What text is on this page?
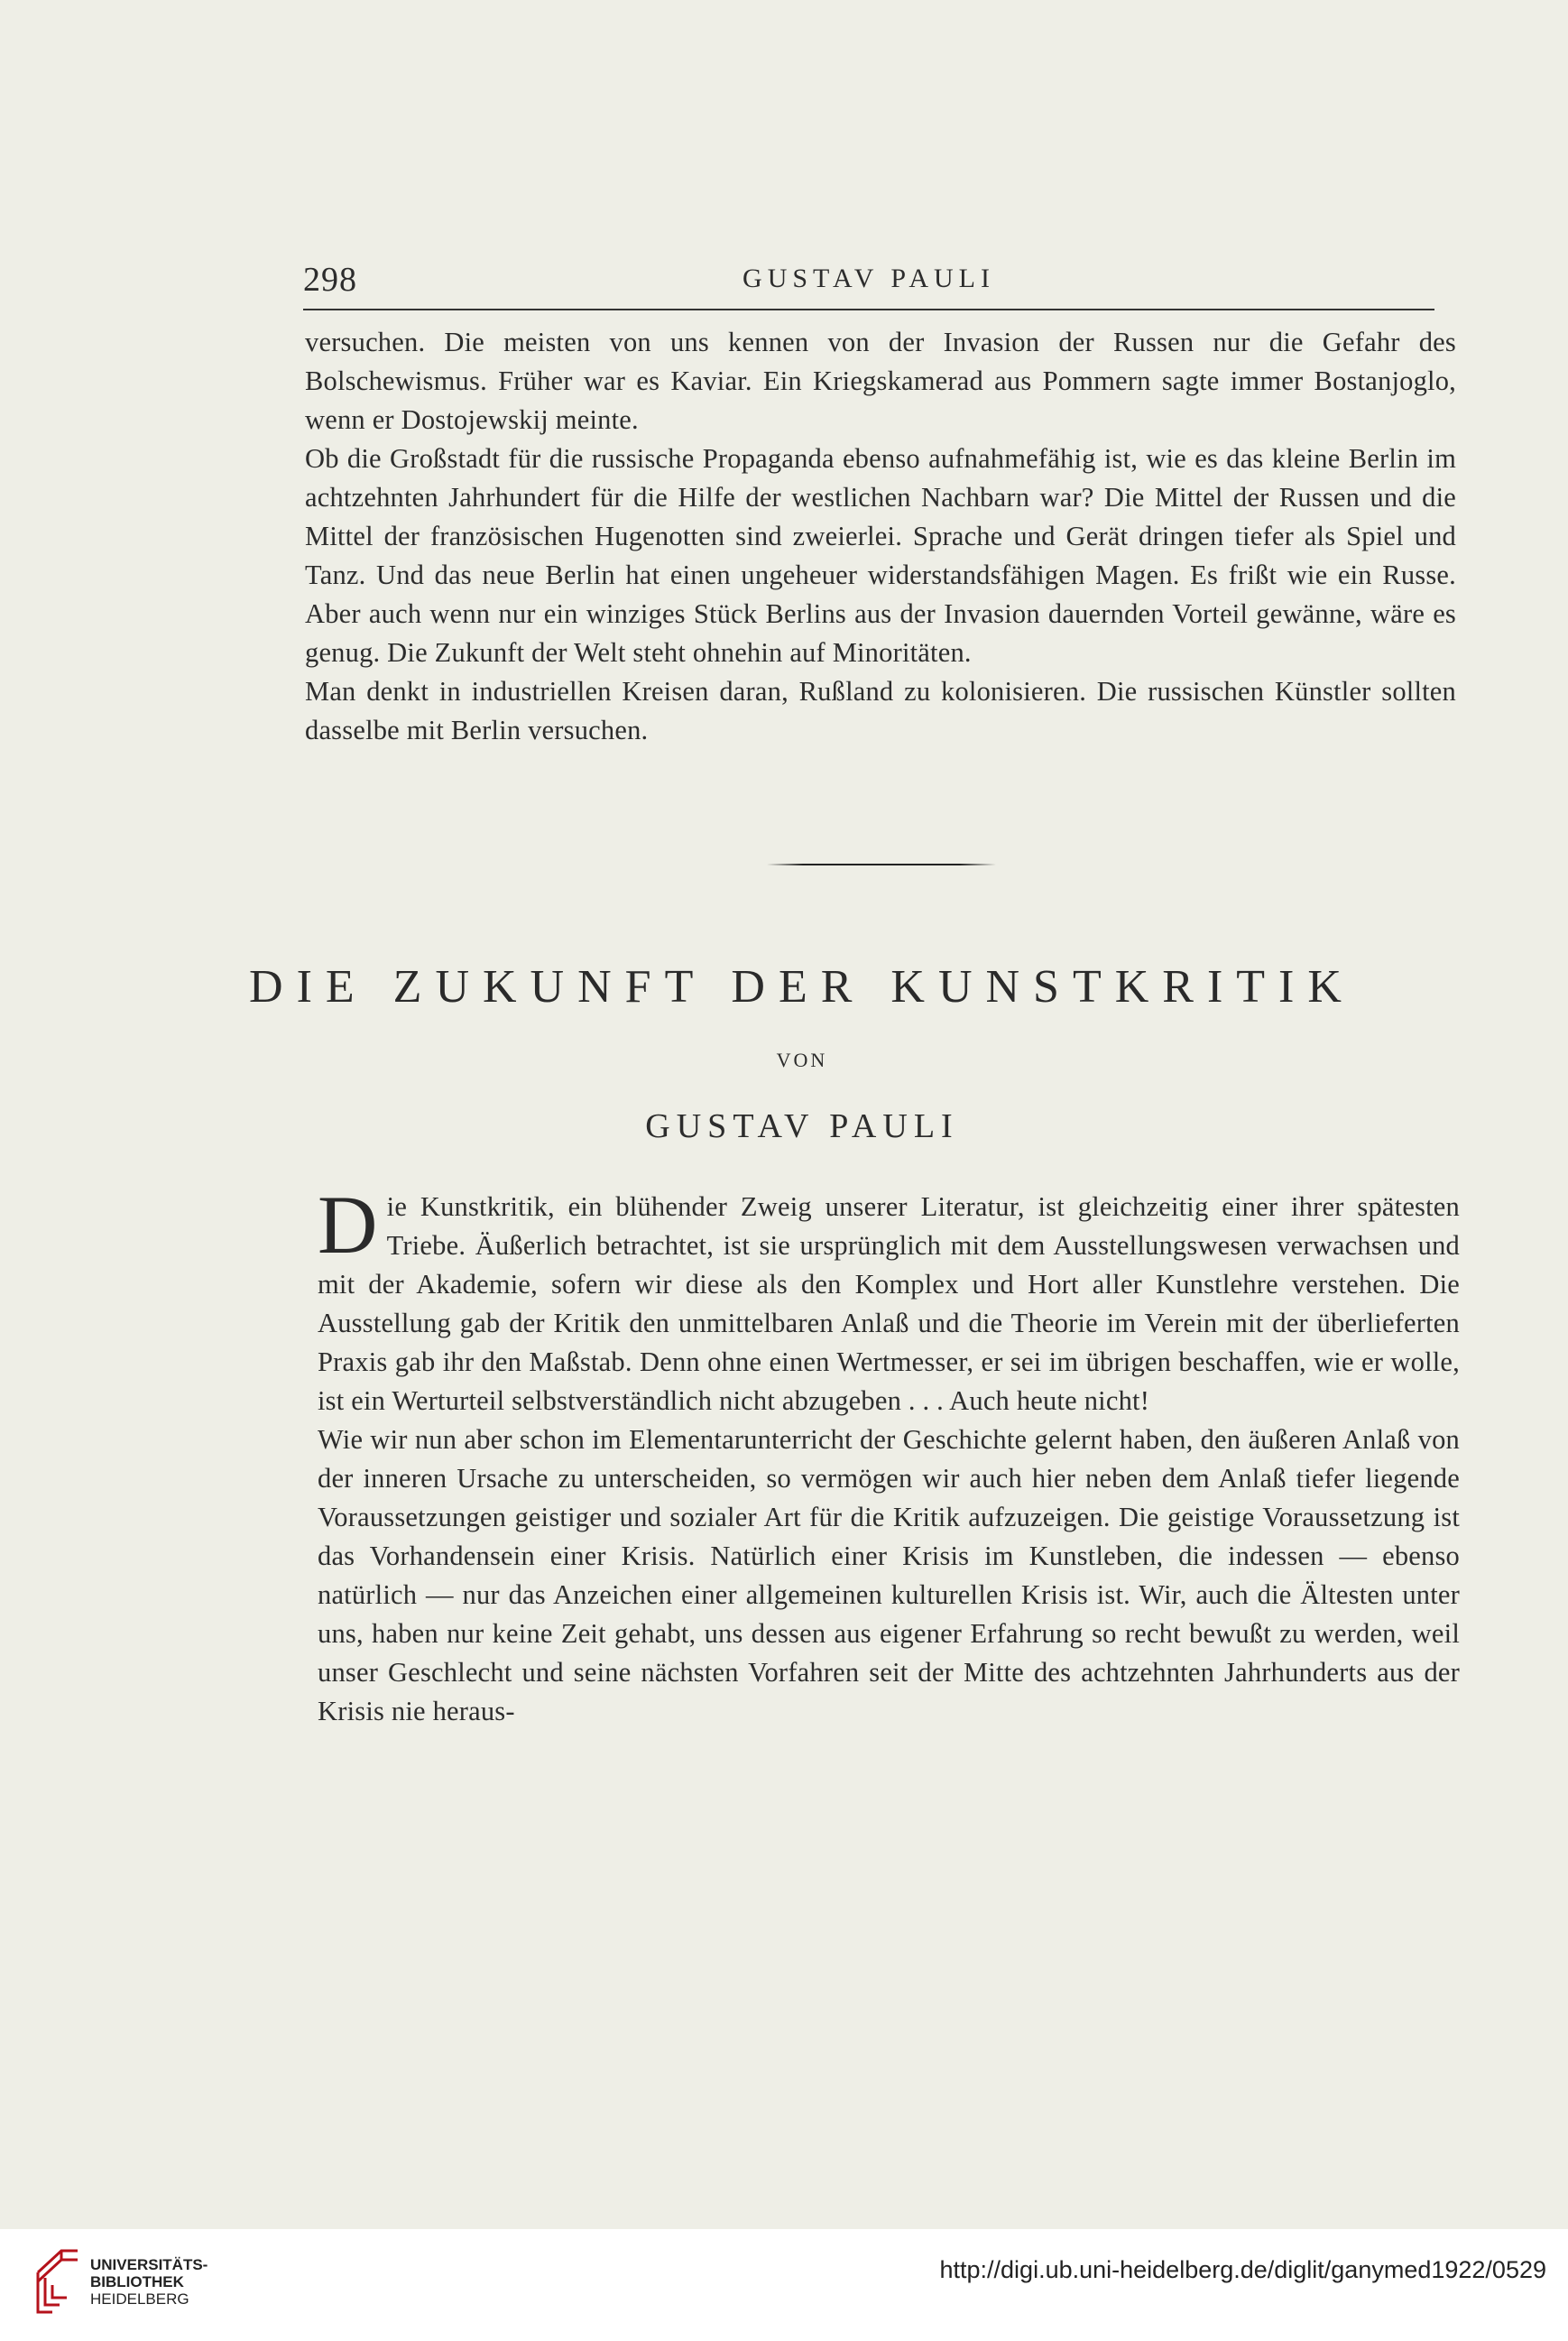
298	GUSTAV PAULI

versuchen. Die meisten von uns kennen von der Invasion der Russen nur die Gefahr des Bolschewismus. Früher war es Kaviar. Ein Kriegskamerad aus Pommern sagte immer Bostanjoglo, wenn er Dostojewskij meinte.

Ob die Großstadt für die russische Propaganda ebenso aufnahmefähig ist, wie es das kleine Berlin im achtzehnten Jahrhundert für die Hilfe der westlichen Nachbarn war? Die Mittel der Russen und die Mittel der französischen Hugenotten sind zweierlei. Sprache und Gerät dringen tiefer als Spiel und Tanz. Und das neue Berlin hat einen ungeheuer widerstandsfähigen Magen. Es frißt wie ein Russe. Aber auch wenn nur ein winziges Stück Berlins aus der Invasion dauernden Vorteil gewänne, wäre es genug. Die Zukunft der Welt steht ohnehin auf Minoritäten.

Man denkt in industriellen Kreisen daran, Rußland zu kolonisieren. Die russischen Künstler sollten dasselbe mit Berlin versuchen.

DIE ZUKUNFT DER KUNSTKRITIK
VON
GUSTAV PAULI

Die Kunstkritik, ein blühender Zweig unserer Literatur, ist gleichzeitig einer ihrer spätesten Triebe. Äußerlich betrachtet, ist sie ursprünglich mit dem Ausstellungswesen verwachsen und mit der Akademie, sofern wir diese als den Komplex und Hort aller Kunstlehre verstehen. Die Ausstellung gab der Kritik den unmittelbaren Anlaß und die Theorie im Verein mit der überlieferten Praxis gab ihr den Maßstab. Denn ohne einen Wertmesser, er sei im übrigen beschaffen, wie er wolle, ist ein Werturteil selbstverständlich nicht abzugeben . . . Auch heute nicht!

Wie wir nun aber schon im Elementarunterricht der Geschichte gelernt haben, den äußeren Anlaß von der inneren Ursache zu unterscheiden, so vermögen wir auch hier neben dem Anlaß tiefer liegende Voraussetzungen geistiger und sozialer Art für die Kritik aufzuzeigen. Die geistige Voraussetzung ist das Vorhandensein einer Krisis. Natürlich einer Krisis im Kunstleben, die indessen — ebenso natürlich — nur das Anzeichen einer allgemeinen kulturellen Krisis ist. Wir, auch die Ältesten unter uns, haben nur keine Zeit gehabt, uns dessen aus eigener Erfahrung so recht bewußt zu werden, weil unser Geschlecht und seine nächsten Vorfahren seit der Mitte des achtzehnten Jahrhunderts aus der Krisis nie heraus-

UNIVERSITÄTS-
BIBLIOTHEK
HEIDELBERG
http://digi.ub.uni-heidelberg.de/diglit/ganymed1922/0529
